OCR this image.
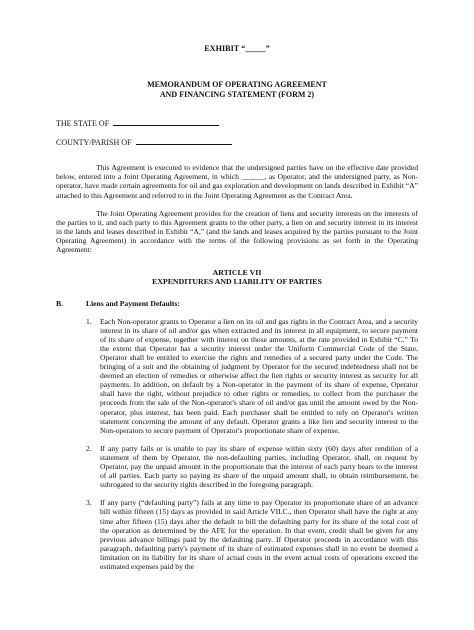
EXHIBIT “_____”
MEMORANDUM OF OPERATING AGREEMENT
AND FINANCING STATEMENT (FORM 2)
THE STATE OF
COUNTY/PARISH OF

This Agreement is executed to evidence that the undersigned parties have on the effective date provided below, entered into a Joint Operating Agreement, in which ______, as Operator, and the undersigned party, as Non-operator, have made certain agreements for oil and gas exploration and development on lands described in Exhibit “A” attached to this Agreement and referred to in the Joint Operating Agreement as the Contract Area.

The Joint Operating Agreement provides for the creation of liens and security interests on the interests of the parties to it, and each party to this Agreement grants to the other party, a lien on and security interest in its interest in the lands and leases described in Exhibit “A,” (and the lands and leases acquired by the parties pursuant to the Joint Operating Agreement) in accordance with the terms of the following provisions as set forth in the Operating Agreement:

ARTICLE VII
EXPENDITURES AND LIABILITY OF PARTIES
B.	Liens and Payment Defaults:
1.	Each Non-operator grants to Operator a lien on its oil and gas rights in the Contract Area, and a security interest in its share of oil and/or gas when extracted and its interest in all equipment, to secure payment of its share of expense, together with interest on those amounts, at the rate provided in Exhibit “C.” To the extent that Operator has a security interest under the Uniform Commercial Code of the State, Operator shall be entitled to exercise the rights and remedies of a secured party under the Code. The bringing of a suit and the obtaining of judgment by Operator for the secured indebtedness shall not be deemed an election of remedies or otherwise affect the lien rights or security interest as security for all payments. In addition, on default by a Non-operator in the payment of its share of expense, Operator shall have the right, without prejudice to other rights or remedies, to collect from the purchaser the proceeds from the sale of the Non-operator's share of oil and/or gas until the amount owed by the Non-operator, plus interest, has been paid. Each purchaser shall be entitled to rely on Operator's written statement concerning the amount of any default. Operator grants a like lien and security interest to the Non-operators to secure payment of Operator's proportionate share of expense.
2.	If any party fails or is unable to pay its share of expense within sixty (60) days after rendition of a statement of them by Operator, the non-defaulting parties, including Operator, shall, on request by Operator, pay the unpaid amount in the proportionate that the interest of each party bears to the interest of all parties. Each party so paying its share of the unpaid amount shall, to obtain reimbursement, be subrogated to the security rights described in the foregoing paragraph.
3.	If any party (“defaulting party”) fails at any time to pay Operator its proportionate share of an advance bill within fifteen (15) days as provided in said Article VII.C., then Operator shall have the right at any time after fifteen (15) days after the default to bill the defaulting party for its share of the total cost of the operation as determined by the AFE for the operation. In that event, credit shall be given for any previous advance billings paid by the defaulting party. If Operator proceeds in accordance with this paragraph, defaulting party's payment of its share of estimated expenses shall in no event be deemed a limitation on its liability for its share of actual costs in the event actual costs of operations exceed the estimated expenses paid by the
